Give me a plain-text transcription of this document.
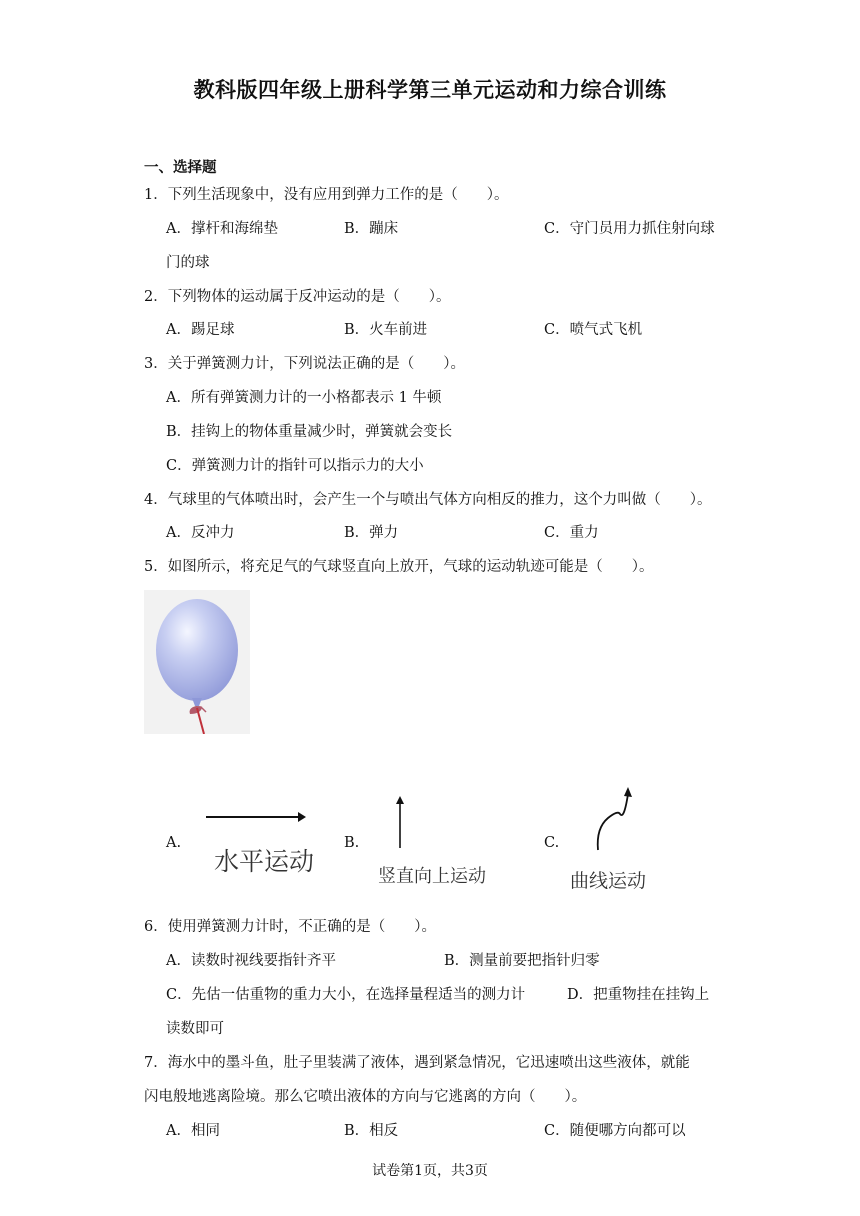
教科版四年级上册科学第三单元运动和力综合训练
一、选择题
1．下列生活现象中，没有应用到弹力工作的是（　　）。
A．撑杆和海绵垫	B．蹦床	C．守门员用力抓住射向球
门的球
2．下列物体的运动属于反冲运动的是（　　）。
A．踢足球	B．火车前进	C．喷气式飞机
3．关于弹簧测力计，下列说法正确的是（　　）。
A．所有弹簧测力计的一小格都表示 1 牛顿
B．挂钩上的物体重量减少时，弹簧就会变长
C．弹簧测力计的指针可以指示力的大小
4．气球里的气体喷出时，会产生一个与喷出气体方向相反的推力，这个力叫做（　　）。
A．反冲力	B．弹力	C．重力
5．如图所示，将充足气的气球竖直向上放开，气球的运动轨迹可能是（　　）。
A.
水平运动
B.
竖直向上运动
C.
曲线运动
6．使用弹簧测力计时，不正确的是（　　）。
A．读数时视线要指针齐平	B．测量前要把指针归零
C．先估一估重物的重力大小，在选择量程适当的测力计	D．把重物挂在挂钩上
读数即可
7．海水中的墨斗鱼，肚子里装满了液体，遇到紧急情况，它迅速喷出这些液体，就能
闪电般地逃离险境。那么它喷出液体的方向与它逃离的方向（　　）。
A．相同	B．相反	C．随便哪方向都可以
试卷第1页，共3页
